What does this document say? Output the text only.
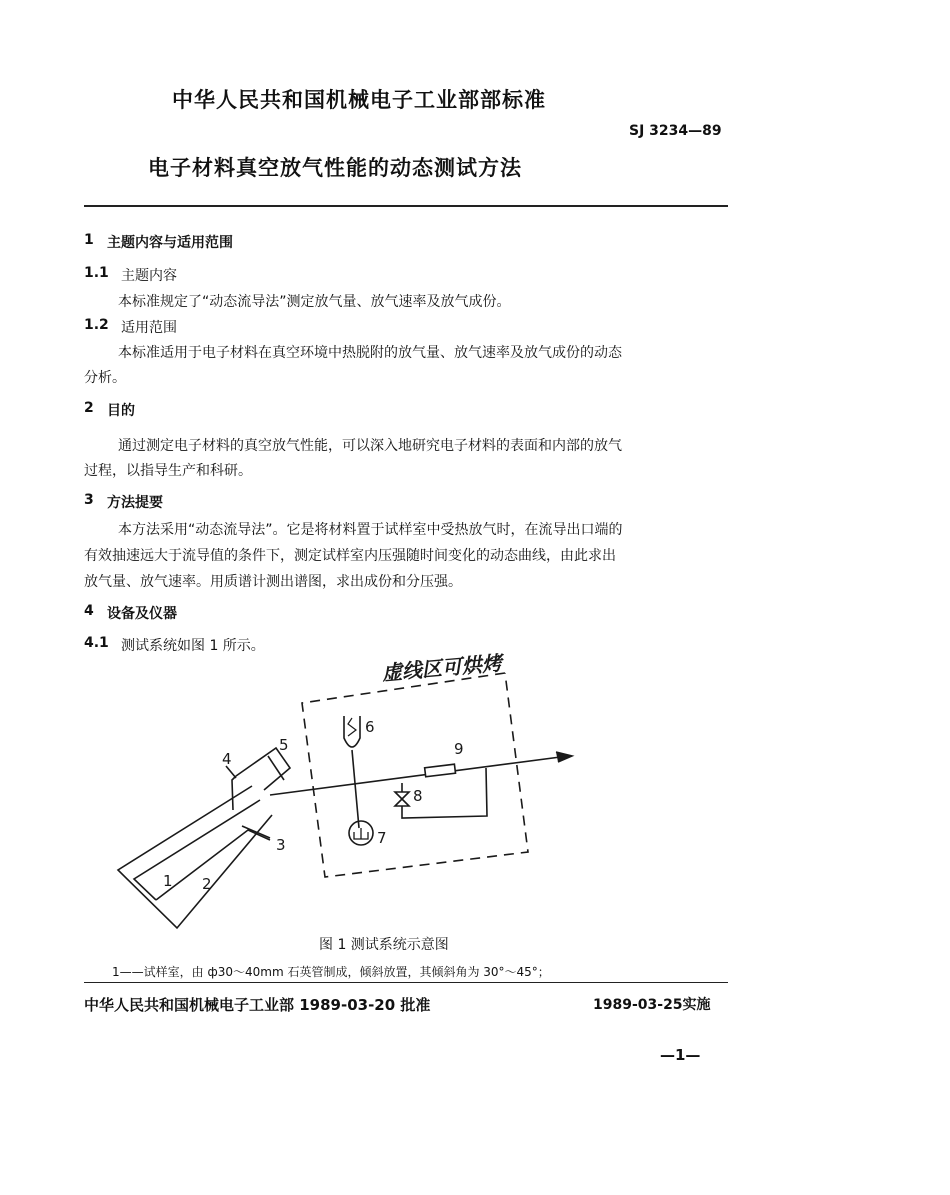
中华人民共和国机械电子工业部部标准
SJ 3234—89
电子材料真空放气性能的动态测试方法
1 主题内容与适用范围
1.1 主题内容
本标准规定了“动态流导法”测定放气量、放气速率及放气成份。
1.2 适用范围
本标准适用于电子材料在真空环境中热脱附的放气量、放气速率及放气成份的动态
分析。
2 目的
通过测定电子材料的真空放气性能，可以深入地研究电子材料的表面和内部的放气
过程，以指导生产和科研。
3 方法提要
本方法采用“动态流导法”。它是将材料置于试样室中受热放气时，在流导出口端的
有效抽速远大于流导值的条件下，测定试样室内压强随时间变化的动态曲线，由此求出
放气量、放气速率。用质谱计测出谱图，求出成份和分压强。
4 设备及仪器
4.1 测试系统如图 1 所示。
1 2
3
4
5
6
7
8
9
虚线区可烘烤
图 1 测试系统示意图
1——试样室，由 ф30～40mm 石英管制成，倾斜放置，其倾斜角为 30°～45°；
中华人民共和国机械电子工业部 1989-03-20 批准	1989-03-25实施
—1—
